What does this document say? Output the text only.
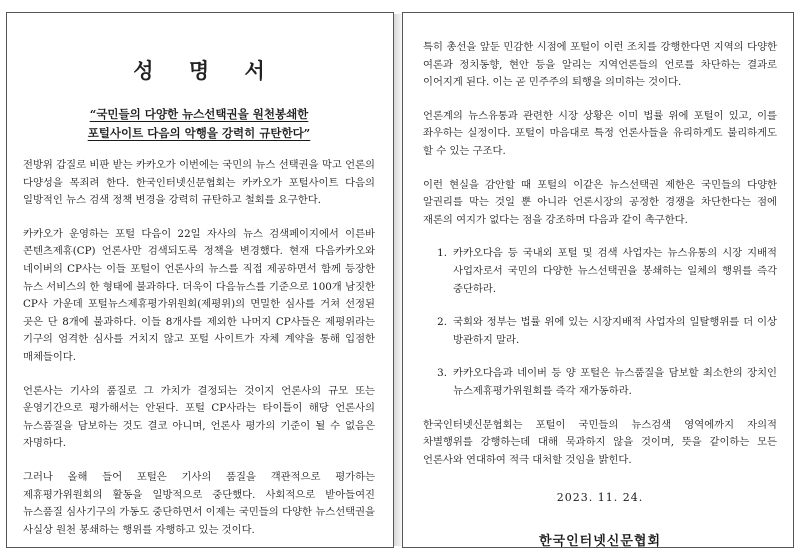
성 명 서
“국민들의 다양한 뉴스선택권을 원천봉쇄한
포털사이트 다음의 악행을 강력히 규탄한다”

전방위 갑질로 비판 받는 카카오가 이번에는 국민의 뉴스 선택권을 막고 언론의 다양성을 목죄려 한다. 한국인터넷신문협회는 카카오가 포털사이트 다음의 일방적인 뉴스 검색 정책 변경을 강력히 규탄하고 철회를 요구한다.

카카오가 운영하는 포털 다음이 22일 자사의 뉴스 검색페이지에서 이른바 콘텐츠제휴(CP) 언론사만 검색되도록 정책을 변경했다. 현재 다음카카오와 네이버의 CP사는 이들 포털이 언론사의 뉴스를 직접 제공하면서 함께 등장한 뉴스 서비스의 한 형태에 불과하다. 더욱이 다음뉴스를 기준으로 100개 남짓한 CP사 가운데 포털뉴스제휴평가위원회(제평위)의 면밀한 심사를 거쳐 선정된 곳은 단 8개에 불과하다. 이들 8개사를 제외한 나머지 CP사들은 제평위라는 기구의 엄격한 심사를 거치지 않고 포털 사이트가 자체 계약을 통해 입점한 매체들이다.

언론사는 기사의 품질로 그 가치가 결정되는 것이지 언론사의 규모 또는 운영기간으로 평가해서는 안된다. 포털 CP사라는 타이틀이 해당 언론사의 뉴스품질을 담보하는 것도 결코 아니며, 언론사 평가의 기준이 될 수 없음은 자명하다.

그러나 올해 들어 포털은 기사의 품질을 객관적으로 평가하는 제휴평가위원회의 활동을 일방적으로 중단했다. 사회적으로 받아들여진 뉴스품질 심사기구의 가동도 중단하면서 이제는 국민들의 다양한 뉴스선택권을 사실상 원천 봉쇄하는 행위를 자행하고 있는 것이다.

특히 총선을 앞둔 민감한 시점에 포털이 이런 조치를 강행한다면 지역의 다양한 여론과 정치동향, 현안 등을 알리는 지역언론들의 언로를 차단하는 결과로 이어지게 된다. 이는 곧 민주주의 퇴행을 의미하는 것이다.

언론계의 뉴스유통과 관련한 시장 상황은 이미 법률 위에 포털이 있고, 이를 좌우하는 실정이다. 포털이 마음대로 특정 언론사들을 유리하게도 불리하게도 할 수 있는 구조다.

이런 현실을 감안할 때 포털의 이같은 뉴스선택권 제한은 국민들의 다양한 알권리를 막는 것일 뿐 아니라 언론시장의 공정한 경쟁을 차단한다는 점에 재론의 여지가 없다는 점을 강조하며 다음과 같이 촉구한다.

1. 카카오다음 등 국내외 포털 및 검색 사업자는 뉴스유통의 시장 지배적 사업자로서 국민의 다양한 뉴스선택권을 봉쇄하는 일체의 행위를 즉각 중단하라.
2. 국회와 정부는 법률 위에 있는 시장지배적 사업자의 일탈행위를 더 이상 방관하지 말라.
3. 카카오다음과 네이버 등 양 포털은 뉴스품질을 담보할 최소한의 장치인 뉴스제휴평가위원회를 즉각 재가동하라.

한국인터넷신문협회는 포털이 국민들의 뉴스검색 영역에까지 자의적 차별행위를 강행하는데 대해 묵과하지 않을 것이며, 뜻을 같이하는 모든 언론사와 연대하여 적극 대처할 것임을 밝힌다.

2023. 11. 24.
한국인터넷신문협회
